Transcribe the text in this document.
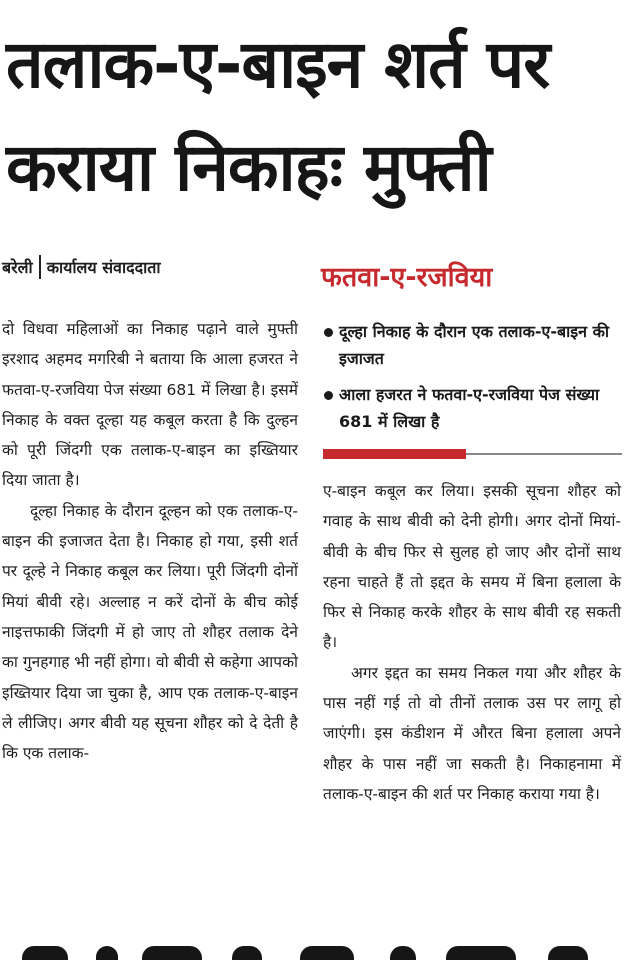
तलाक-ए-बाइन शर्त पर
कराया निकाहः मुफ्ती
बरेली कार्यालय संवाददाता

दो विधवा महिलाओं का निकाह पढ़ाने वाले मुफ्ती इरशाद अहमद मगरिबी ने बताया कि आला हजरत ने फतवा-ए-रजविया पेज संख्या 681 में लिखा है। इसमें निकाह के वक्त दूल्हा यह कबूल करता है कि दुल्हन को पूरी जिंदगी एक तलाक-ए-बाइन का इख्तियार दिया जाता है।

दूल्हा निकाह के दौरान दूल्हन को एक तलाक-ए-बाइन की इजाजत देता है। निकाह हो गया, इसी शर्त पर दूल्हे ने निकाह कबूल कर लिया। पूरी जिंदगी दोनों मियां बीवी रहे। अल्लाह न करें दोनों के बीच कोई नाइत्तफाकी जिंदगी में हो जाए तो शौहर तलाक देने का गुनहगाह भी नहीं होगा। वो बीवी से कहेगा आपको इख्तियार दिया जा चुका है, आप एक तलाक-ए-बाइन ले लीजिए। अगर बीवी यह सूचना शौहर को दे देती है कि एक तलाक-

फतवा-ए-रजविया
दूल्हा निकाह के दौरान एक तलाक-ए-बाइन की इजाजत
आला हजरत ने फतवा-ए-रजविया पेज संख्या 681 में लिखा है

ए-बाइन कबूल कर लिया। इसकी सूचना शौहर को गवाह के साथ बीवी को देनी होगी। अगर दोनों मियां-बीवी के बीच फिर से सुलह हो जाए और दोनों साथ रहना चाहते हैं तो इद्दत के समय में बिना हलाला के फिर से निकाह करके शौहर के साथ बीवी रह सकती है।

अगर इद्दत का समय निकल गया और शौहर के पास नहीं गई तो वो तीनों तलाक उस पर लागू हो जाएंगी। इस कंडीशन में औरत बिना हलाला अपने शौहर के पास नहीं जा सकती है। निकाहनामा में तलाक-ए-बाइन की शर्त पर निकाह कराया गया है।
